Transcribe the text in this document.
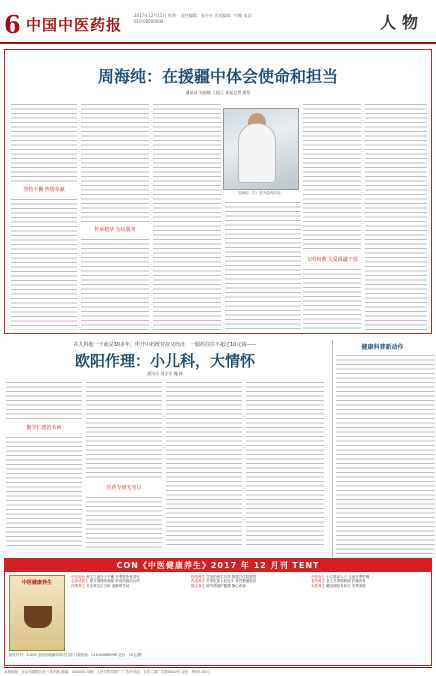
6 中国中医药报
2017年12月11日 星期一 责任编辑：张丹丹 美术编辑：付娜 电话：010-00000000	人物
周海纯：在援疆中体会使命和担当
通讯员 刘丽娜 王振江 本报记者 黄蓓
坚持不懈 热情奉献
传承精华 为民服务
文明和谐 关爱援疆干部
周海纯（右）在为患者诊治。
在儿科他一干就是30多年，所开中药既对症又经济，一服药往往不超过10元钱——
欧阳作理：小儿科，大情怀
通讯员 刘小军 魏 林
勤学仁德治未病
医药专研无穷尽
健康科普新动作
CON《中医健康养生》2017 年 12 月刊 TENT
中医健康养生
中医论坛 养生之道在于平衡 冬季进补有讲究
名家谈养生 膏方调理的奥秘 药食同源话山药
四季养生 冬至养生正当时 泡脚的学问
经络养生 艾灸的养生功效 按揉穴位防感冒
饮食养生 冬季吃萝卜好处多 养胃粥谱推荐
情志养生 调节情绪护健康 静心养神
中医育儿 小儿推拿入门 儿童冬季护理
老年养生 老人冬季防跌倒 护膝养骨
女性养生 暖宫调经有妙方 冬季美肤
邮发代号：2-000 全国各地邮局均可订阅 订阅热线：010-64089099 定价：10元/期
本报地址：北京市朝阳区北三环东路 邮编：100000 印刷：人民日报印刷厂 广告许可证：京东工商广字第0000号 定价：每份1.00元
